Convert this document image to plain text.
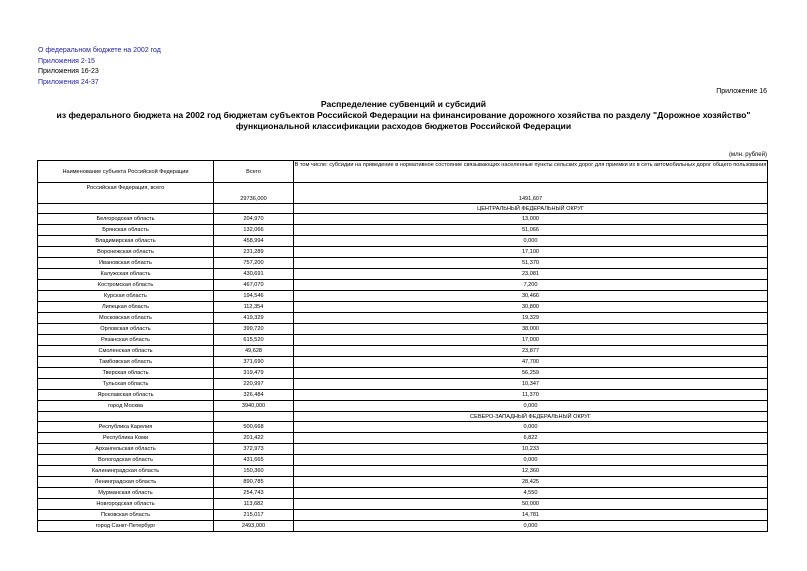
О федеральном бюджете на 2002 год
Приложения 2-15
Приложения 16-23
Приложения 24-37
Приложение 16
Распределение субвенций и субсидий
из федерального бюджета на 2002 год бюджетам субъектов Российской Федерации на финансирование дорожного хозяйства по разделу "Дорожное хозяйство"
функциональной классификации расходов бюджетов Российской Федерации
(млн. рублей)
Наименование субъекта Российской Федерации	Всего	В том числе: субсидии на приведение в нормативное состояние связывающих населенные пункты сельских дорог для приемки их в сеть автомобильных дорог общего пользования
Российская Федерация, всего	29736,000	1491,607
		ЦЕНТРАЛЬНЫЙ ФЕДЕРАЛЬНЫЙ ОКРУГ
Белгородская область	204,970	13,000
Брянская область	132,066	51,066
Владимирская область	458,994	0,000
Воронежская область	231,289	17,100
Ивановская область	757,200	51,370
Калужская область	430,691	23,081
Костромская область	467,070	7,200
Курская область	194,546	30,466
Липецкая область	112,354	30,800
Московская область	419,329	19,329
Орловская область	399,720	38,000
Рязанская область	615,520	17,000
Смоленская область	49,628	23,877
Тамбовская область	371,690	47,700
Тверская область	319,479	56,259
Тульская область	220,997	10,347
Ярославская область	326,484	11,370
город Москва	3940,000	0,000
		СЕВЕРО-ЗАПАДНЫЙ ФЕДЕРАЛЬНЫЙ ОКРУГ
Республика Карелия	500,668	0,000
Республика Коми	201,422	6,822
Архангельская область	372,973	10,233
Вологодская область	431,665	0,000
Калининградская область	150,360	12,360
Ленинградская область	890,785	28,425
Мурманская область	254,743	4,550
Новгородская область	113,682	50,000
Псковская область	215,017	14,781
город Санкт-Петербург	2493,000	0,000
